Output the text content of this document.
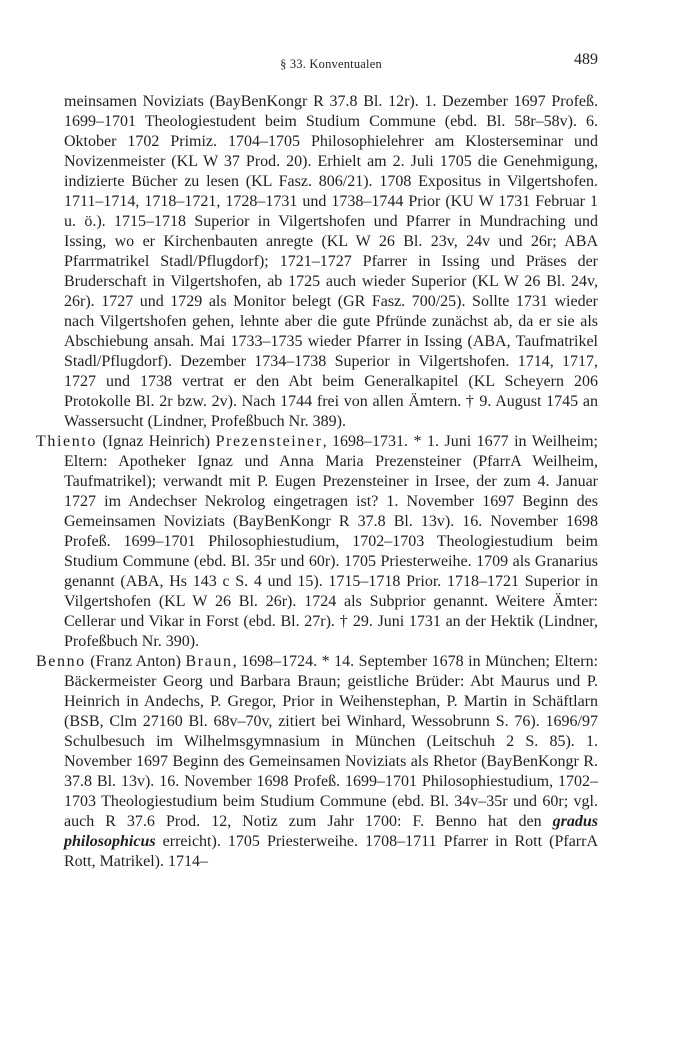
§ 33. Konventualen	489

meinsamen Noviziats (BayBenKongr R 37.8 Bl. 12r). 1. Dezember 1697 Profeß. 1699–1701 Theologiestudent beim Studium Commune (ebd. Bl. 58r–58v). 6. Oktober 1702 Primiz. 1704–1705 Philosophielehrer am Klosterseminar und Novizenmeister (KL W 37 Prod. 20). Erhielt am 2. Juli 1705 die Genehmigung, indizierte Bücher zu lesen (KL Fasz. 806/21). 1708 Expositus in Vilgertshofen. 1711–1714, 1718–1721, 1728–1731 und 1738–1744 Prior (KU W 1731 Februar 1 u. ö.). 1715–1718 Superior in Vilgertshofen und Pfarrer in Mundraching und Issing, wo er Kirchenbauten anregte (KL W 26 Bl. 23v, 24v und 26r; ABA Pfarrmatrikel Stadl/Pflugdorf); 1721–1727 Pfarrer in Issing und Präses der Bruderschaft in Vilgertshofen, ab 1725 auch wieder Superior (KL W 26 Bl. 24v, 26r). 1727 und 1729 als Monitor belegt (GR Fasz. 700/25). Sollte 1731 wieder nach Vilgertshofen gehen, lehnte aber die gute Pfründe zunächst ab, da er sie als Abschiebung ansah. Mai 1733–1735 wieder Pfarrer in Issing (ABA, Taufmatrikel Stadl/Pflugdorf). Dezember 1734–1738 Superior in Vilgertshofen. 1714, 1717, 1727 und 1738 vertrat er den Abt beim Generalkapitel (KL Scheyern 206 Protokolle Bl. 2r bzw. 2v). Nach 1744 frei von allen Ämtern. † 9. August 1745 an Wassersucht (Lindner, Profeßbuch Nr. 389).

Thiento (Ignaz Heinrich) Prezensteiner, 1698–1731. * 1. Juni 1677 in Weilheim; Eltern: Apotheker Ignaz und Anna Maria Prezensteiner (PfarrA Weilheim, Taufmatrikel); verwandt mit P. Eugen Prezensteiner in Irsee, der zum 4. Januar 1727 im Andechser Nekrolog eingetragen ist? 1. November 1697 Beginn des Gemeinsamen Noviziats (BayBenKongr R 37.8 Bl. 13v). 16. November 1698 Profeß. 1699–1701 Philosophiestudium, 1702–1703 Theologiestudium beim Studium Commune (ebd. Bl. 35r und 60r). 1705 Priesterweihe. 1709 als Granarius genannt (ABA, Hs 143 c S. 4 und 15). 1715–1718 Prior. 1718–1721 Superior in Vilgertshofen (KL W 26 Bl. 26r). 1724 als Subprior genannt. Weitere Ämter: Cellerar und Vikar in Forst (ebd. Bl. 27r). † 29. Juni 1731 an der Hektik (Lindner, Profeßbuch Nr. 390).

Benno (Franz Anton) Braun, 1698–1724. * 14. September 1678 in München; Eltern: Bäckermeister Georg und Barbara Braun; geistliche Brüder: Abt Maurus und P. Heinrich in Andechs, P. Gregor, Prior in Weihenstephan, P. Martin in Schäftlarn (BSB, Clm 27160 Bl. 68v–70v, zitiert bei Winhard, Wessobrunn S. 76). 1696/97 Schulbesuch im Wilhelmsgymnasium in München (Leitschuh 2 S. 85). 1. November 1697 Beginn des Gemeinsamen Noviziats als Rhetor (BayBenKongr R. 37.8 Bl. 13v). 16. November 1698 Profeß. 1699–1701 Philosophiestudium, 1702–1703 Theologiestudium beim Studium Commune (ebd. Bl. 34v–35r und 60r; vgl. auch R 37.6 Prod. 12, Notiz zum Jahr 1700: F. Benno hat den gradus philosophicus erreicht). 1705 Priesterweihe. 1708–1711 Pfarrer in Rott (PfarrA Rott, Matrikel). 1714–
